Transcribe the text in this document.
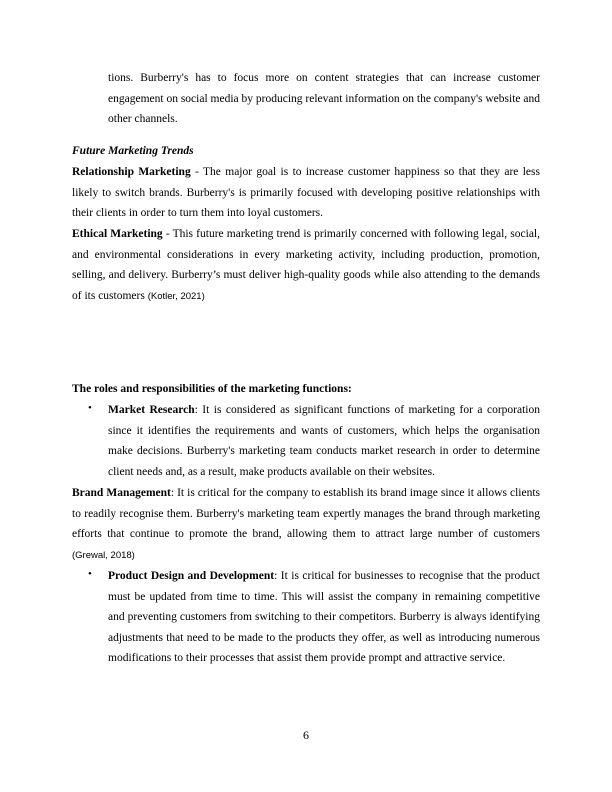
tions. Burberry's has to focus more on content strategies that can increase customer engagement on social media by producing relevant information on the company's website and other channels.
Future Marketing Trends
Relationship Marketing - The major goal is to increase customer happiness so that they are less likely to switch brands. Burberry's is primarily focused with developing positive relationships with their clients in order to turn them into loyal customers.
Ethical Marketing - This future marketing trend is primarily concerned with following legal, social, and environmental considerations in every marketing activity, including production, promotion, selling, and delivery. Burberry’s must deliver high-quality goods while also attending to the demands of its customers (Kotler, 2021)
The roles and responsibilities of the marketing functions:
• Market Research: It is considered as significant functions of marketing for a corporation since it identifies the requirements and wants of customers, which helps the organisation make decisions. Burberry's marketing team conducts market research in order to determine client needs and, as a result, make products available on their websites.
Brand Management: It is critical for the company to establish its brand image since it allows clients to readily recognise them. Burberry's marketing team expertly manages the brand through marketing efforts that continue to promote the brand, allowing them to attract large number of customers (Grewal, 2018)
• Product Design and Development: It is critical for businesses to recognise that the product must be updated from time to time. This will assist the company in remaining competitive and preventing customers from switching to their competitors. Burberry is always identifying adjustments that need to be made to the products they offer, as well as introducing numerous modifications to their processes that assist them provide prompt and attractive service.
6
